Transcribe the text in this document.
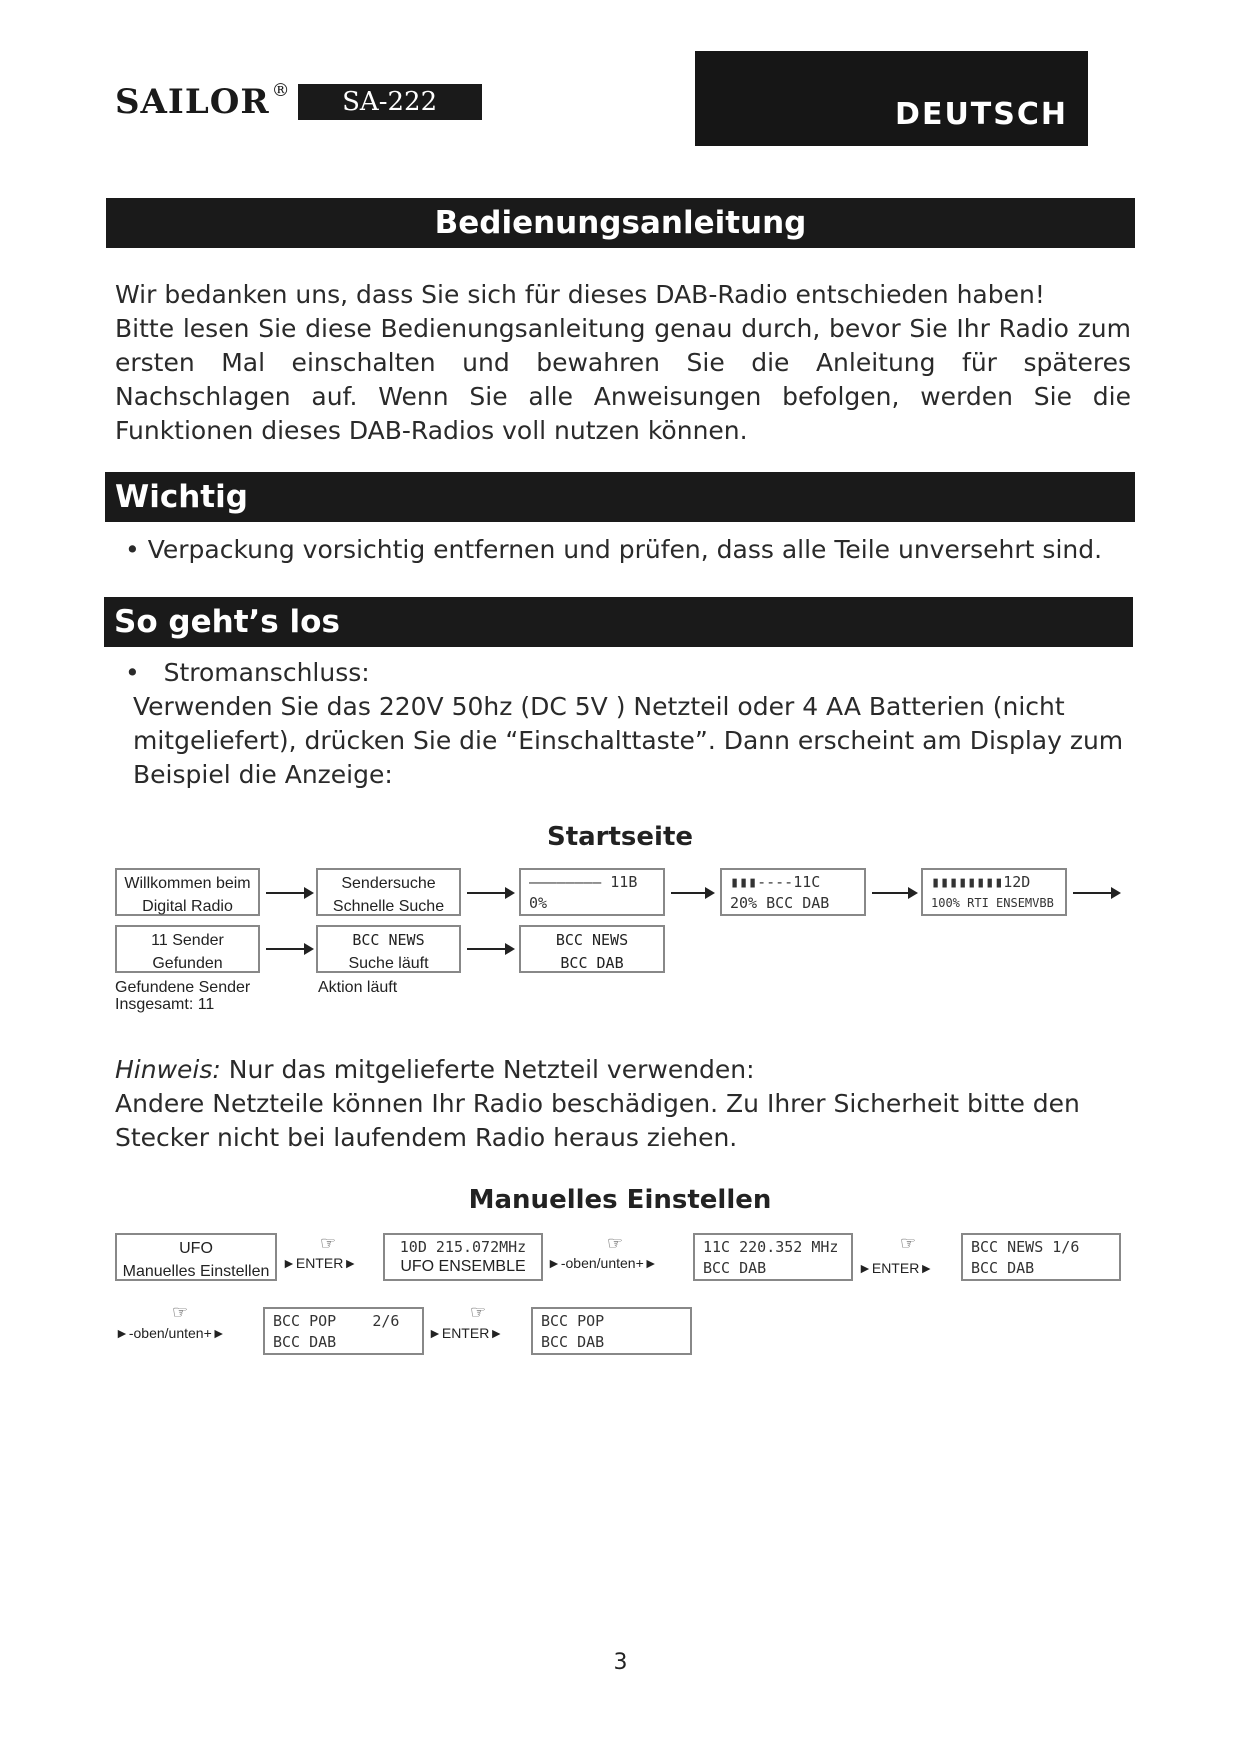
SAILOR ®	SA-222	DEUTSCH
Bedienungsanleitung

Wir bedanken uns, dass Sie sich für dieses DAB-Radio entschieden haben!

Bitte lesen Sie diese Bedienungsanleitung genau durch, bevor Sie Ihr Radio zum ersten Mal einschalten und bewahren Sie die Anleitung für späteres Nachschlagen auf. Wenn Sie alle Anweisungen befolgen, werden Sie die Funktionen dieses DAB-Radios voll nutzen können.

Wichtig
• Verpackung vorsichtig entfernen und prüfen, dass alle Teile unversehrt sind.
So geht’s los
•   Stromanschluss:

Verwenden Sie das 220V 50hz (DC 5V ) Netzteil oder 4 AA Batterien (nicht mitgeliefert), drücken Sie die “Einschalttaste”. Dann erscheint am Display zum Beispiel die Anzeige:

Startseite
Willkommen beim
Digital Radio
Sendersuche
Schnelle Suche
———————— 11B
0%
▮▮▮----11C
20% BCC DAB
▮▮▮▮▮▮▮▮12D
100% RTI ENSEMVBB
11 Sender
Gefunden
BCC NEWS
Suche läuft
BCC NEWS
BCC DAB
Gefundene Sender
Insgesamt: 11
Aktion läuft

Hinweis: Nur das mitgelieferte Netzteil verwenden:

Andere Netzteile können Ihr Radio beschädigen. Zu Ihrer Sicherheit bitte den Stecker nicht bei laufendem Radio heraus ziehen.

Manuelles Einstellen
UFO
Manuelles Einstellen
☞
►ENTER►
10D 215.072MHz
UFO ENSEMBLE
☞
►-oben/unten+►
11C 220.352 MHz
BCC DAB
☞
►ENTER►
BCC NEWS 1/6
BCC DAB
☞
►-oben/unten+►
BCC POP    2/6
BCC DAB
☞
►ENTER►
BCC POP
BCC DAB
3
